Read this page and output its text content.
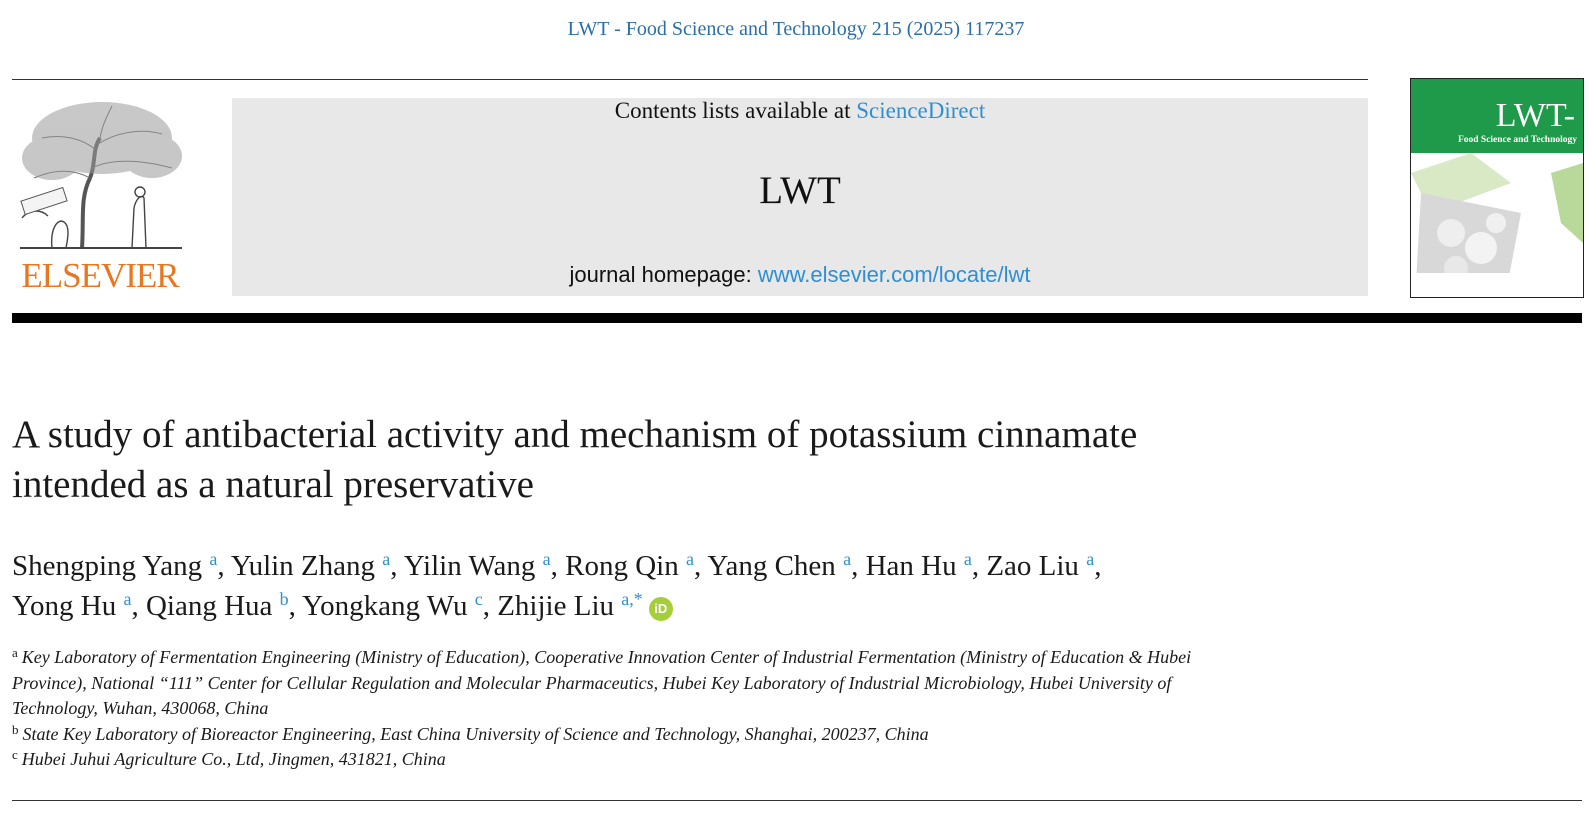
LWT - Food Science and Technology 215 (2025) 117237
ELSEVIER
Contents lists available at ScienceDirect
LWT
journal homepage: www.elsevier.com/locate/lwt
LWT-
Food Science and Technology
A study of antibacterial activity and mechanism of potassium cinnamate
intended as a natural preservative
Shengping Yang $^a$, Yulin Zhang $^a$, Yilin Wang $^a$, Rong Qin $^a$, Yang Chen $^a$, Han Hu $^a$, Zao Liu $^a$,
Yong Hu $^a$, Qiang Hua $^b$, Yongkang Wu $^c$, Zhijie Liu $^{a,*}$ iD
$^a$ Key Laboratory of Fermentation Engineering (Ministry of Education), Cooperative Innovation Center of Industrial Fermentation (Ministry of Education & Hubei
Province), National “111” Center for Cellular Regulation and Molecular Pharmaceutics, Hubei Key Laboratory of Industrial Microbiology, Hubei University of
Technology, Wuhan, 430068, China
$^b$ State Key Laboratory of Bioreactor Engineering, East China University of Science and Technology, Shanghai, 200237, China
$^c$ Hubei Juhui Agriculture Co., Ltd, Jingmen, 431821, China
